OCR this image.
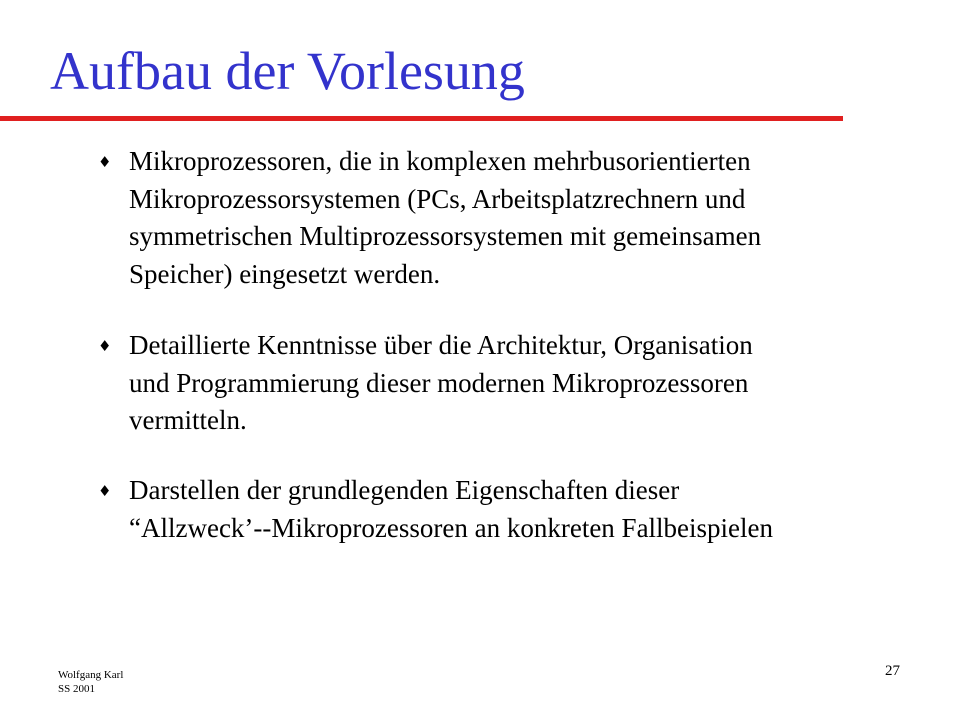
Aufbau der Vorlesung
♦ Mikroprozessoren, die in komplexen mehrbusorientierten
Mikroprozessorsystemen (PCs, Arbeitsplatzrechnern und
symmetrischen Multiprozessorsystemen mit gemeinsamen
Speicher) eingesetzt werden.
♦ Detaillierte Kenntnisse über die Architektur, Organisation
und Programmierung dieser modernen Mikroprozessoren
vermitteln.
♦ Darstellen der grundlegenden Eigenschaften dieser
“Allzweck’--Mikroprozessoren an konkreten Fallbeispielen
Wolfgang Karl
SS 2001
27
